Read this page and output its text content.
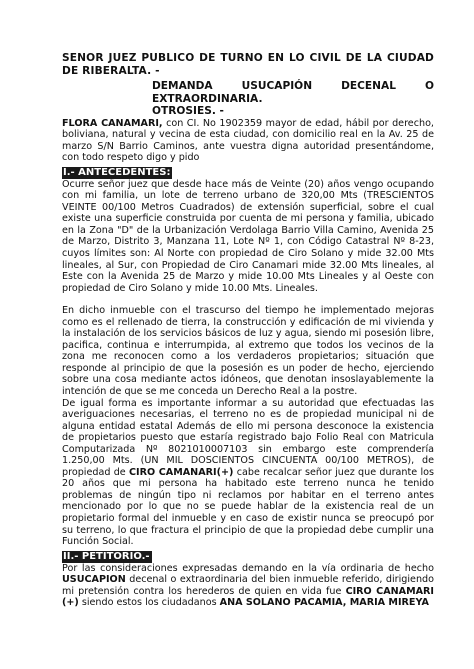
SENOR JUEZ PUBLICO DE TURNO EN LO CIVIL DE LA CIUDAD DE RIBERALTA. -
DEMANDA	USUCAPIÓN	DECENAL	O
EXTRAORDINARIA.
OTROSIES. -

FLORA CANAMARI, con CI. No 1902359 mayor de edad, hábil por derecho, boliviana, natural y vecina de esta ciudad, con domicilio real en la Av. 25 de marzo S/N Barrio Caminos, ante vuestra digna autoridad presentándome, con todo respeto digo y pido

I.- ANTECEDENTES:

Ocurre señor juez que desde hace más de Veinte (20) años vengo ocupando con mi familia, un lote de terreno urbano de 320,00 Mts (TRESCIENTOS VEINTE 00/100 Metros Cuadrados) de extensión superficial, sobre el cual existe una superficie construida por cuenta de mi persona y familia, ubicado en la Zona "D" de la Urbanización Verdolaga Barrio Villa Camino, Avenida 25 de Marzo, Distrito 3, Manzana 11, Lote Nº 1, con Código Catastral Nº 8-23, cuyos límites son: Al Norte con propiedad de Ciro Solano y mide 32.00 Mts lineales, al Sur, con Propiedad de Ciro Canamari mide 32.00 Mts lineales, al Este con la Avenida 25 de Marzo y mide 10.00 Mts Lineales y al Oeste con propiedad de Ciro Solano y mide 10.00 Mts. Lineales.

En dicho inmueble con el trascurso del tiempo he implementado mejoras como es el rellenado de tierra, la construcción y edificación de mi vivienda y la instalación de los servicios básicos de luz y agua, siendo mi posesión libre, pacifica, continua e interrumpida, al extremo que todos los vecinos de la zona me reconocen como a los verdaderos propietarios; situación que responde al principio de que la posesión es un poder de hecho, ejerciendo sobre una cosa mediante actos idóneos, que denotan insoslayablemente la intención de que se me conceda un Derecho Real a la postre.

De igual forma es importante informar a su autoridad que efectuadas las averiguaciones necesarias, el terreno no es de propiedad municipal ni de alguna entidad estatal Además de ello mi persona desconoce la existencia de propietarios puesto que estaría registrado bajo Folio Real con Matricula Computarizada Nº 8021010007103 sin embargo este comprendería 1.250,00 Mts. (UN MIL DOSCIENTOS CINCUENTA 00/100 METROS), de propiedad de CIRO CAMANARI(+) cabe recalcar señor juez que durante los 20 años que mi persona ha habitado este terreno nunca he tenido problemas de ningún tipo ni reclamos por habitar en el terreno antes mencionado por lo que no se puede hablar de la existencia real de un propietario formal del inmueble y en caso de existir nunca se preocupó por su terreno, lo que fractura el principio de que la propiedad debe cumplir una Función Social.

II.- PETITORIO.-

Por las consideraciones expresadas demando en la vía ordinaria de hecho USUCAPION decenal o extraordinaria del bien inmueble referido, dirigiendo mi pretensión contra los herederos de quien en vida fue CIRO CANAMARI (+) siendo estos los ciudadanos ANA SOLANO PACAMIA, MARIA MIREYA
